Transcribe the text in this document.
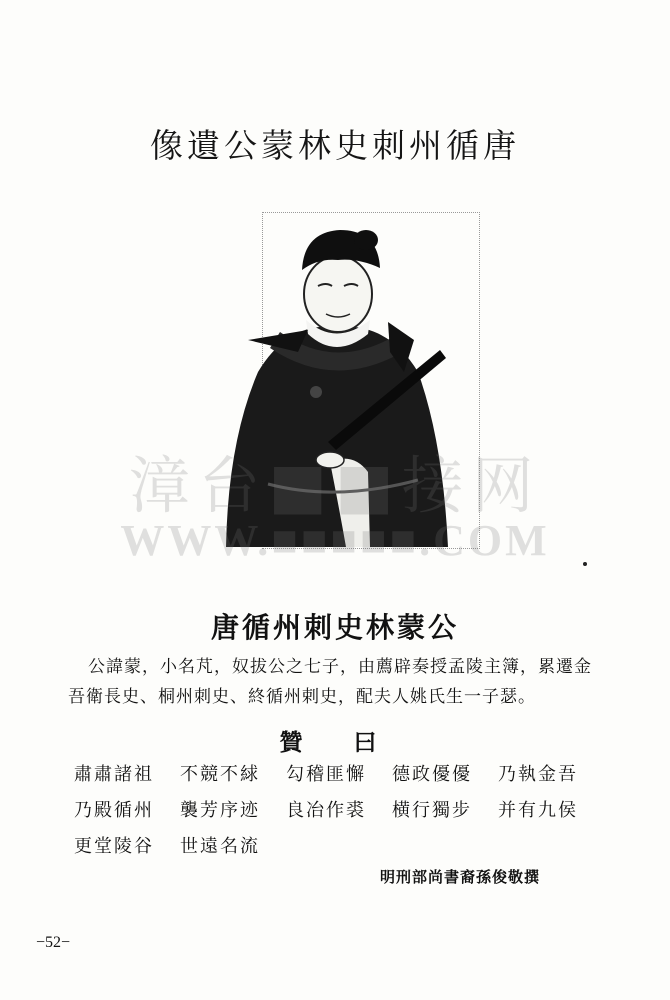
像遺公蒙林史刺州循唐
漳台■■接网
WWW.■■■■■.COM
唐循州刺史林蒙公
公諱蒙，小名芃，奴拔公之七子，由薦辟奏授孟陵主簿，累遷金
吾衛長史、桐州刺史、終循州剌史，配夫人姚氏生一子瑟。
贊　曰
肅肅諸祖	不競不絿	勾稽匪懈	德政優優	乃執金吾
乃殿循州	襲芳序迹	良冶作裘	横行獨步	并有九侯
更堂陵谷	世遠名流
明刑部尚書裔孫俊敬撰
−52−
